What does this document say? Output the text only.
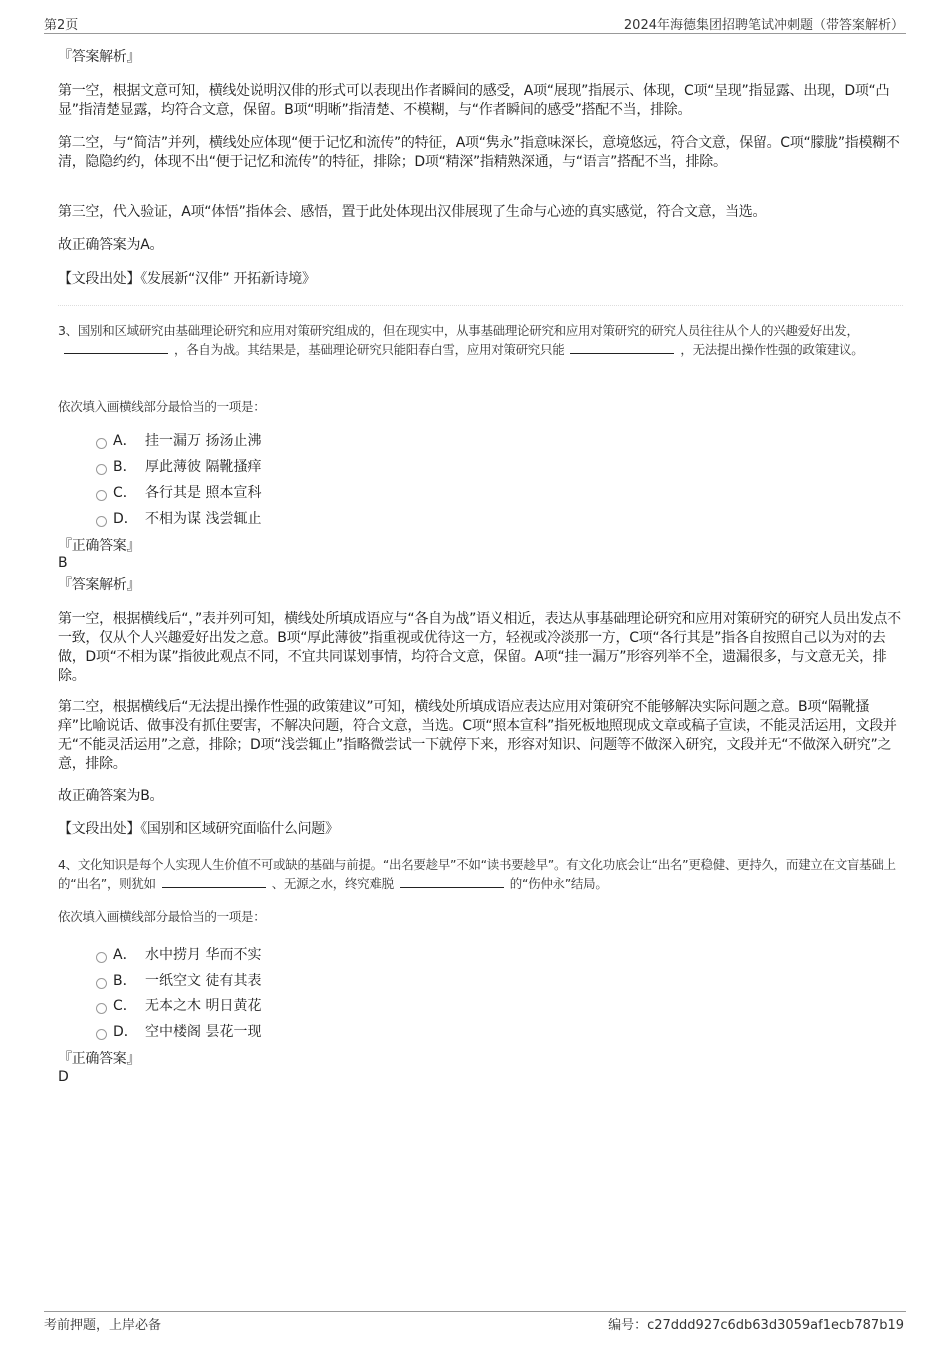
第2页	2024年海德集团招聘笔试冲刺题（带答案解析）
『答案解析』
第一空，根据文意可知，横线处说明汉俳的形式可以表现出作者瞬间的感受，A项“展现”指展示、体现，C项“呈现”指显露、出现，D项“凸显”指清楚显露，均符合文意，保留。B项“明晰”指清楚、不模糊，与“作者瞬间的感受”搭配不当，排除。
第二空，与“简洁”并列，横线处应体现“便于记忆和流传”的特征，A项“隽永”指意味深长，意境悠远，符合文意，保留。C项“朦胧”指模糊不清，隐隐约约，体现不出“便于记忆和流传”的特征，排除；D项“精深”指精熟深通，与“语言”搭配不当，排除。
第三空，代入验证，A项“体悟”指体会、感悟，置于此处体现出汉俳展现了生命与心迹的真实感觉，符合文意，当选。
故正确答案为A。
【文段出处】《发展新“汉俳” 开拓新诗境》
3、国别和区域研究由基础理论研究和应用对策研究组成的，但在现实中，从事基础理论研究和应用对策研究的研究人员往往从个人的兴趣爱好出发，，各自为战。其结果是，基础理论研究只能阳春白雪，应用对策研究只能	，无法提出操作性强的政策建议。
依次填入画横线部分最恰当的一项是：
A． 挂一漏万 扬汤止沸
B． 厚此薄彼 隔靴搔痒
C． 各行其是 照本宣科
D． 不相为谋 浅尝辄止
『正确答案』
B
『答案解析』
第一空，根据横线后“，”表并列可知，横线处所填成语应与“各自为战”语义相近，表达从事基础理论研究和应用对策研究的研究人员出发点不一致，仅从个人兴趣爱好出发之意。B项“厚此薄彼”指重视或优待这一方，轻视或冷淡那一方，C项“各行其是”指各自按照自己以为对的去做，D项“不相为谋”指彼此观点不同，不宜共同谋划事情，均符合文意，保留。A项“挂一漏万”形容列举不全，遗漏很多，与文意无关，排除。
第二空，根据横线后“无法提出操作性强的政策建议”可知，横线处所填成语应表达应用对策研究不能够解决实际问题之意。B项“隔靴搔痒”比喻说话、做事没有抓住要害，不解决问题，符合文意，当选。C项“照本宣科”指死板地照现成文章或稿子宣读，不能灵活运用，文段并无“不能灵活运用”之意，排除；D项“浅尝辄止”指略微尝试一下就停下来，形容对知识、问题等不做深入研究，文段并无“不做深入研究”之意，排除。
故正确答案为B。
【文段出处】《国别和区域研究面临什么问题》
4、文化知识是每个人实现人生价值不可或缺的基础与前提。“出名要趁早”不如“读书要趁早”。有文化功底会让“出名”更稳健、更持久，而建立在文盲基础上的“出名”，则犹如	、无源之水，终究难脱	的“伤仲永”结局。
依次填入画横线部分最恰当的一项是：
A． 水中捞月 华而不实
B． 一纸空文 徒有其表
C． 无本之木 明日黄花
D． 空中楼阁 昙花一现
『正确答案』
D
考前押题，上岸必备	编号：c27ddd927c6db63d3059af1ecb787b19
